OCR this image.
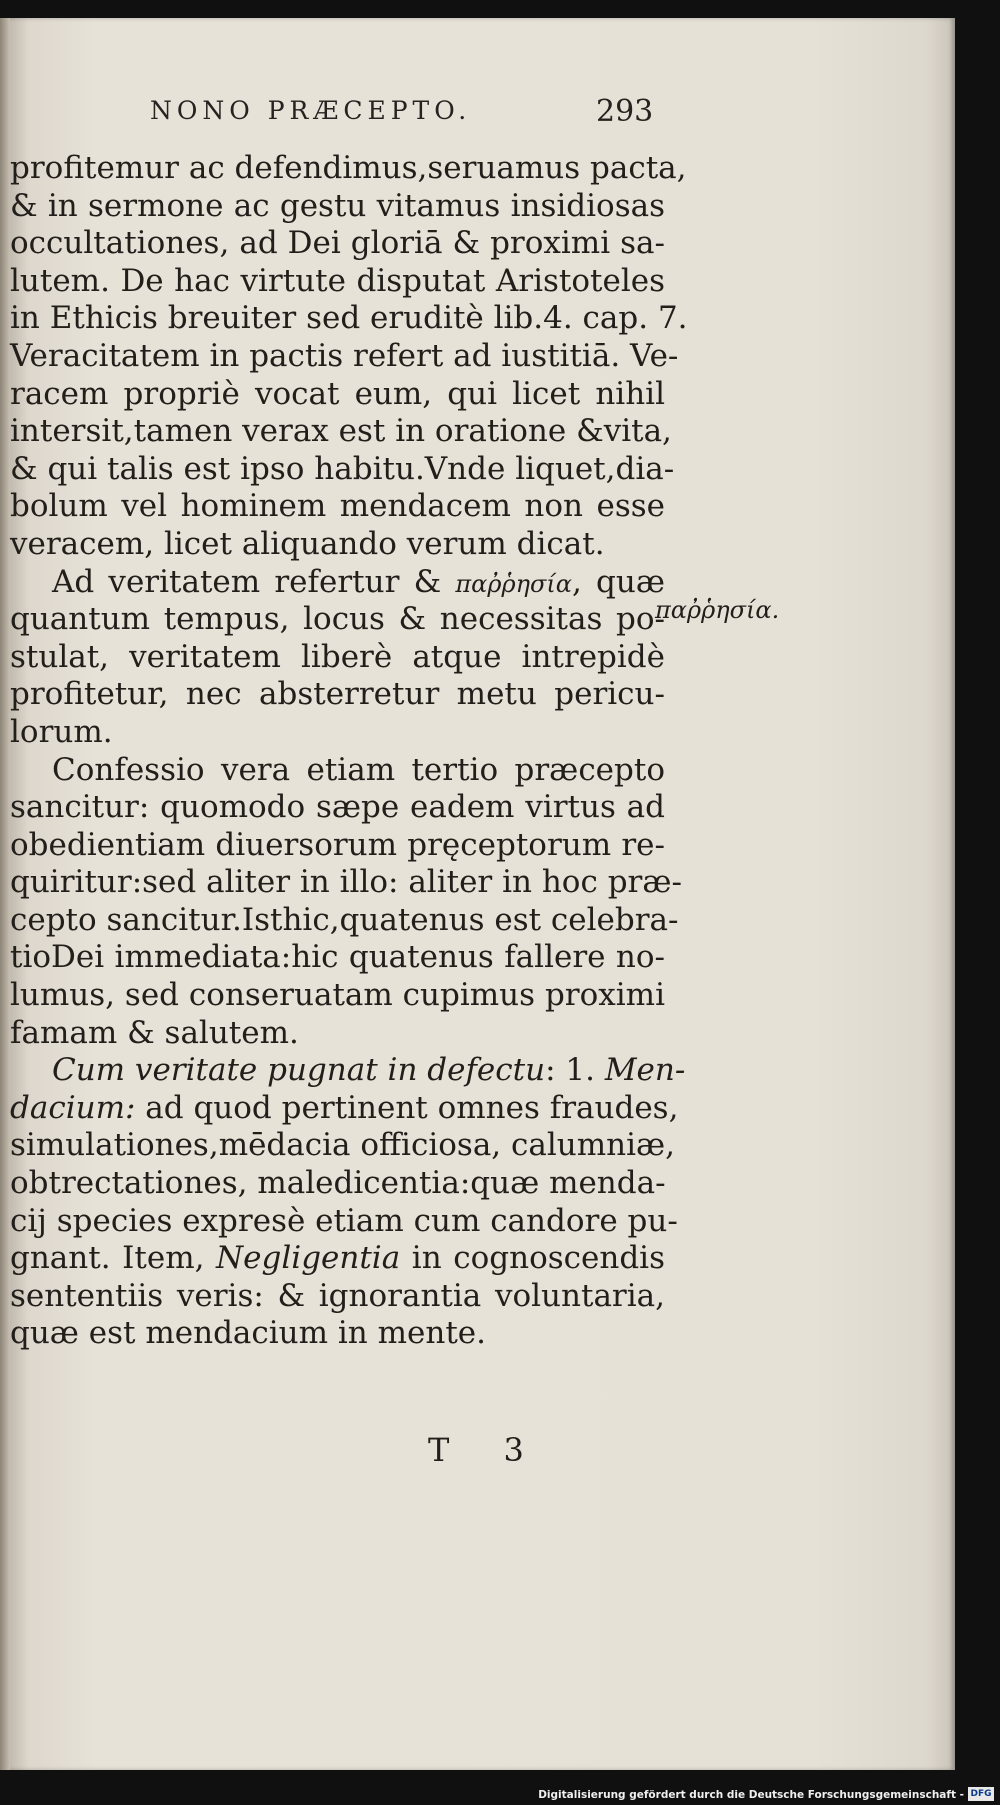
NONO PRÆCEPTO.	293
profitemur ac defendimus,seruamus pacta,
& in sermone ac gestu vitamus insidiosas
occultationes, ad Dei gloriā & proximi sa-
lutem. De hac virtute disputat Aristoteles
in Ethicis breuiter sed eruditè lib.4. cap. 7.
Veracitatem in pactis refert ad iustitiā. Ve-
racem propriè vocat eum, qui licet nihil
intersit,tamen verax est in oratione &vita,
& qui talis est ipso habitu.Vnde liquet,dia-
bolum vel hominem mendacem non esse
veracem, licet aliquando verum dicat.
Ad veritatem refertur & παῤῥησία, quæ
quantum tempus, locus & necessitas po-
stulat, veritatem liberè atque intrepidè
profitetur, nec absterretur metu pericu-
lorum.
Confessio vera etiam tertio præcepto
sancitur: quomodo sæpe eadem virtus ad
obedientiam diuersorum pręceptorum re-
quiritur:sed aliter in illo: aliter in hoc præ-
cepto sancitur.Isthic,quatenus est celebra-
tioDei immediata:hic quatenus fallere no-
lumus, sed conseruatam cupimus proximi
famam & salutem.
Cum veritate pugnat in defectu: 1. Men-
dacium: ad quod pertinent omnes fraudes,
simulationes,mēdacia officiosa, calumniæ,
obtrectationes, maledicentia:quæ menda-
cij species expresè etiam cum candore pu-
gnant. Item, Negligentia in cognoscendis
sententiis veris: & ignorantia voluntaria,
quæ est mendacium in mente.
παῤῥησία.
T 3
Digitalisierung gefördert durch die Deutsche Forschungsgemeinschaft - DFG
